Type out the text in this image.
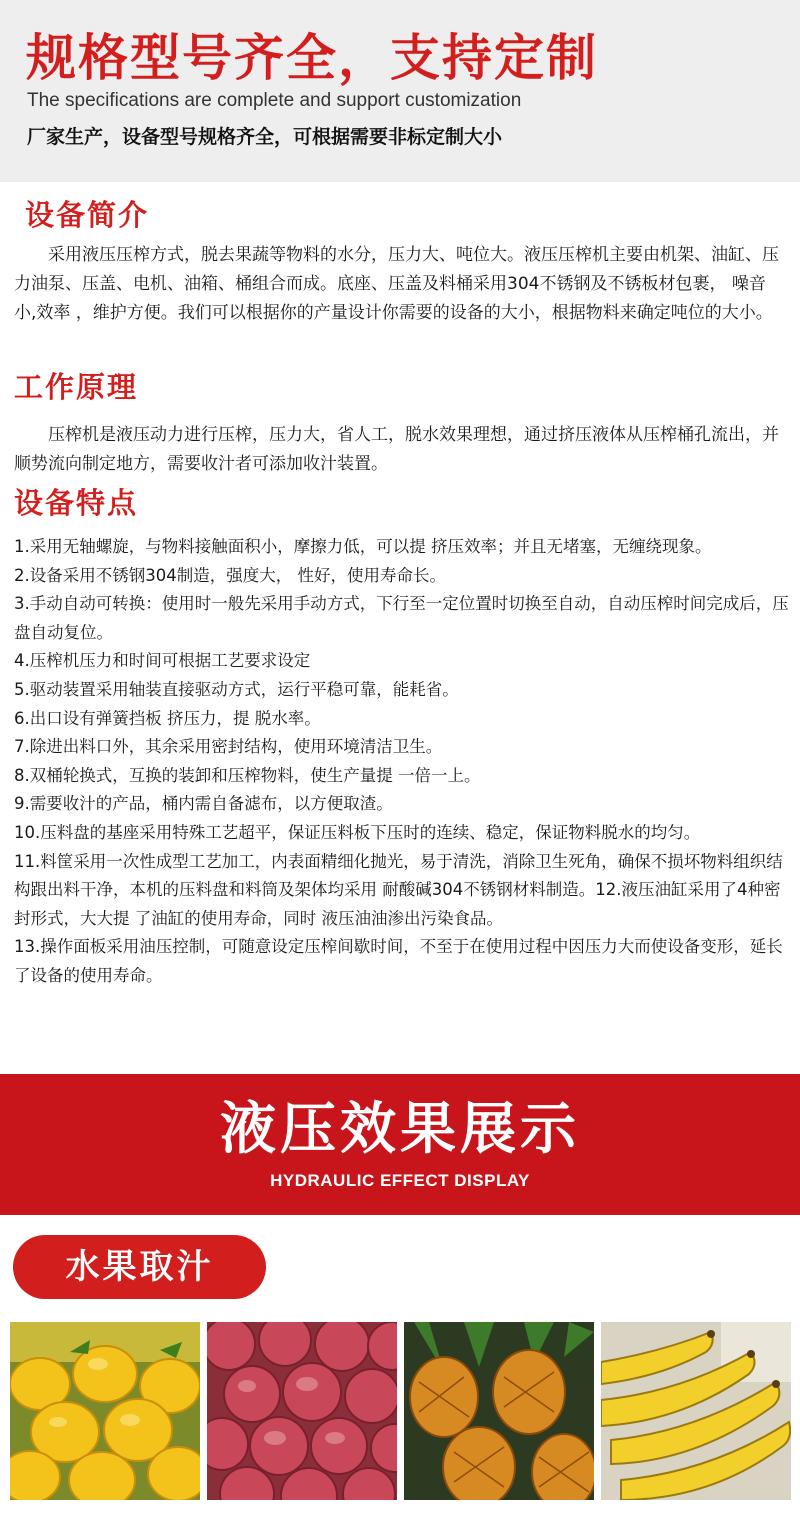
规格型号齐全，支持定制
The specifications are complete and support customization
厂家生产，设备型号规格齐全，可根据需要非标定制大小
设备简介

采用液压压榨方式，脱去果蔬等物料的水分，压力大、吨位大。液压压榨机主要由机架、油缸、压力油泵、压盖、电机、油箱、桶组合而成。底座、压盖及料桶采用304不锈钢及不锈板材包裹， 噪音小,效率 ，维护方便。我们可以根据你的产量设计你需要的设备的大小，根据物料来确定吨位的大小。

工作原理

压榨机是液压动力进行压榨，压力大，省人工，脱水效果理想，通过挤压液体从压榨桶孔流出，并顺势流向制定地方，需要收汁者可添加收汁装置。

设备特点
1.采用无轴螺旋，与物料接触面积小，摩擦力低，可以提 挤压效率；并且无堵塞，无缠绕现象。
2.设备采用不锈钢304制造，强度大， 性好，使用寿命长。
3.手动自动可转换：使用时一般先采用手动方式，下行至一定位置时切换至自动，自动压榨时间完成后，压盘自动复位。
4.压榨机压力和时间可根据工艺要求设定
5.驱动装置采用轴装直接驱动方式，运行平稳可靠，能耗省。
6.出口设有弹簧挡板 挤压力，提 脱水率。
7.除进出料口外，其余采用密封结构，使用环境清洁卫生。
8.双桶轮换式，互换的装卸和压榨物料，使生产量提 一倍一上。
9.需要收汁的产品，桶内需自备滤布，以方便取渣。
10.压料盘的基座采用特殊工艺超平，保证压料板下压时的连续、稳定，保证物料脱水的均匀。
11.料筐采用一次性成型工艺加工，内表面精细化抛光，易于清洗，消除卫生死角，确保不损坏物料组织结构跟出料干净，本机的压料盘和料筒及架体均采用 耐酸碱304不锈钢材料制造。12.液压油缸采用了4种密封形式，大大提 了油缸的使用寿命，同时 液压油油渗出污染食品。
13.操作面板采用油压控制，可随意设定压榨间歇时间，不至于在使用过程中因压力大而使设备变形，延长了设备的使用寿命。
液压效果展示
HYDRAULIC EFFECT DISPLAY
水果取汁
